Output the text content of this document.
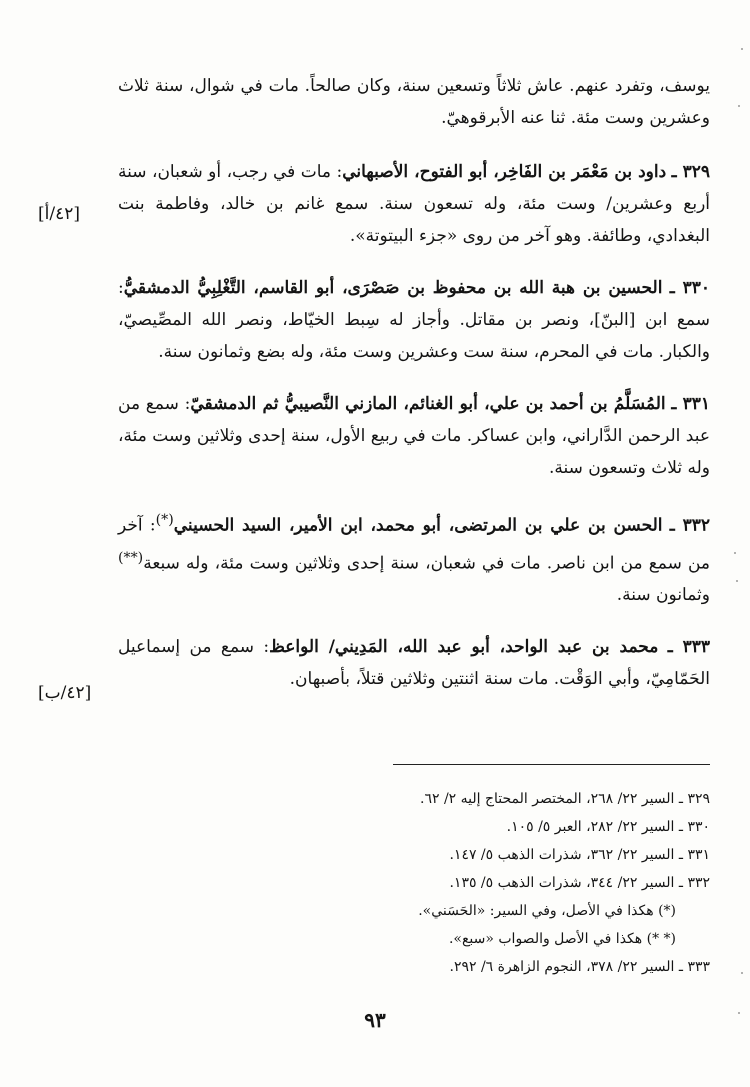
يوسف، وتفرد عنهم. عاش ثلاثاً وتسعين سنة، وكان صالحاً. مات في شوال، سنة ثلاث وعشرين وست مئة. ثنا عنه الأبرقوهيّ.

٣٢٩ ـ داود بن مَعْمَر بن الفَاخِر، أبو الفتوح، الأصبهاني: مات في رجب، أو شعبان، سنة أربع وعشرين/ وست مئة، وله تسعون سنة. سمع غانم بن خالد، وفاطمة بنت البغدادي، وطائفة. وهو آخر من روى «جزء البيتوتة».

٣٣٠ ـ الحسين بن هبة الله بن محفوظ بن صَصْرَى، أبو القاسم، التَّغْلِبِيُّ الدمشقيُّ: سمع ابن [البنّ]، ونصر بن مقاتل. وأجاز له سِبط الخيّاط، ونصر الله المصِّيصيّ، والكبار. مات في المحرم، سنة ست وعشرين وست مئة، وله بضع وثمانون سنة.

٣٣١ ـ المُسَلَّمُ بن أحمد بن علي، أبو الغنائم، المازني النَّصيبيُّ ثم الدمشقيّ: سمع من عبد الرحمن الدَّاراني، وابن عساكر. مات في ربيع الأول، سنة إحدى وثلاثين وست مئة، وله ثلاث وتسعون سنة.

٣٣٢ ـ الحسن بن علي بن المرتضى، أبو محمد، ابن الأمير، السيد الحسيني(*): آخر من سمع من ابن ناصر. مات في شعبان، سنة إحدى وثلاثين وست مئة، وله سبعة(**) وثمانون سنة.

٣٣٣ ـ محمد بن عبد الواحد، أبو عبد الله، المَدِيني/ الواعظ: سمع من إسماعيل الحَمّامِيّ، وأبي الوَقْت. مات سنة اثنتين وثلاثين قتلاً، بأصبهان.

[٤٢/أ]
[٤٢/ب]

٣٢٩ ـ السير ٢٢/ ٢٦٨، المختصر المحتاج إليه ٢/ ٦٢.

٣٣٠ ـ السير ٢٢/ ٢٨٢، العبر ٥/ ١٠٥.

٣٣١ ـ السير ٢٢/ ٣٦٢، شذرات الذهب ٥/ ١٤٧.

٣٣٢ ـ السير ٢٢/ ٣٤٤، شذرات الذهب ٥/ ١٣٥.

(*) هكذا في الأصل، وفي السير: «الحَسَني».

(* *) هكذا في الأصل والصواب «سبع».

٣٣٣ ـ السير ٢٢/ ٣٧٨، النجوم الزاهرة ٦/ ٢٩٢.

٩٣
